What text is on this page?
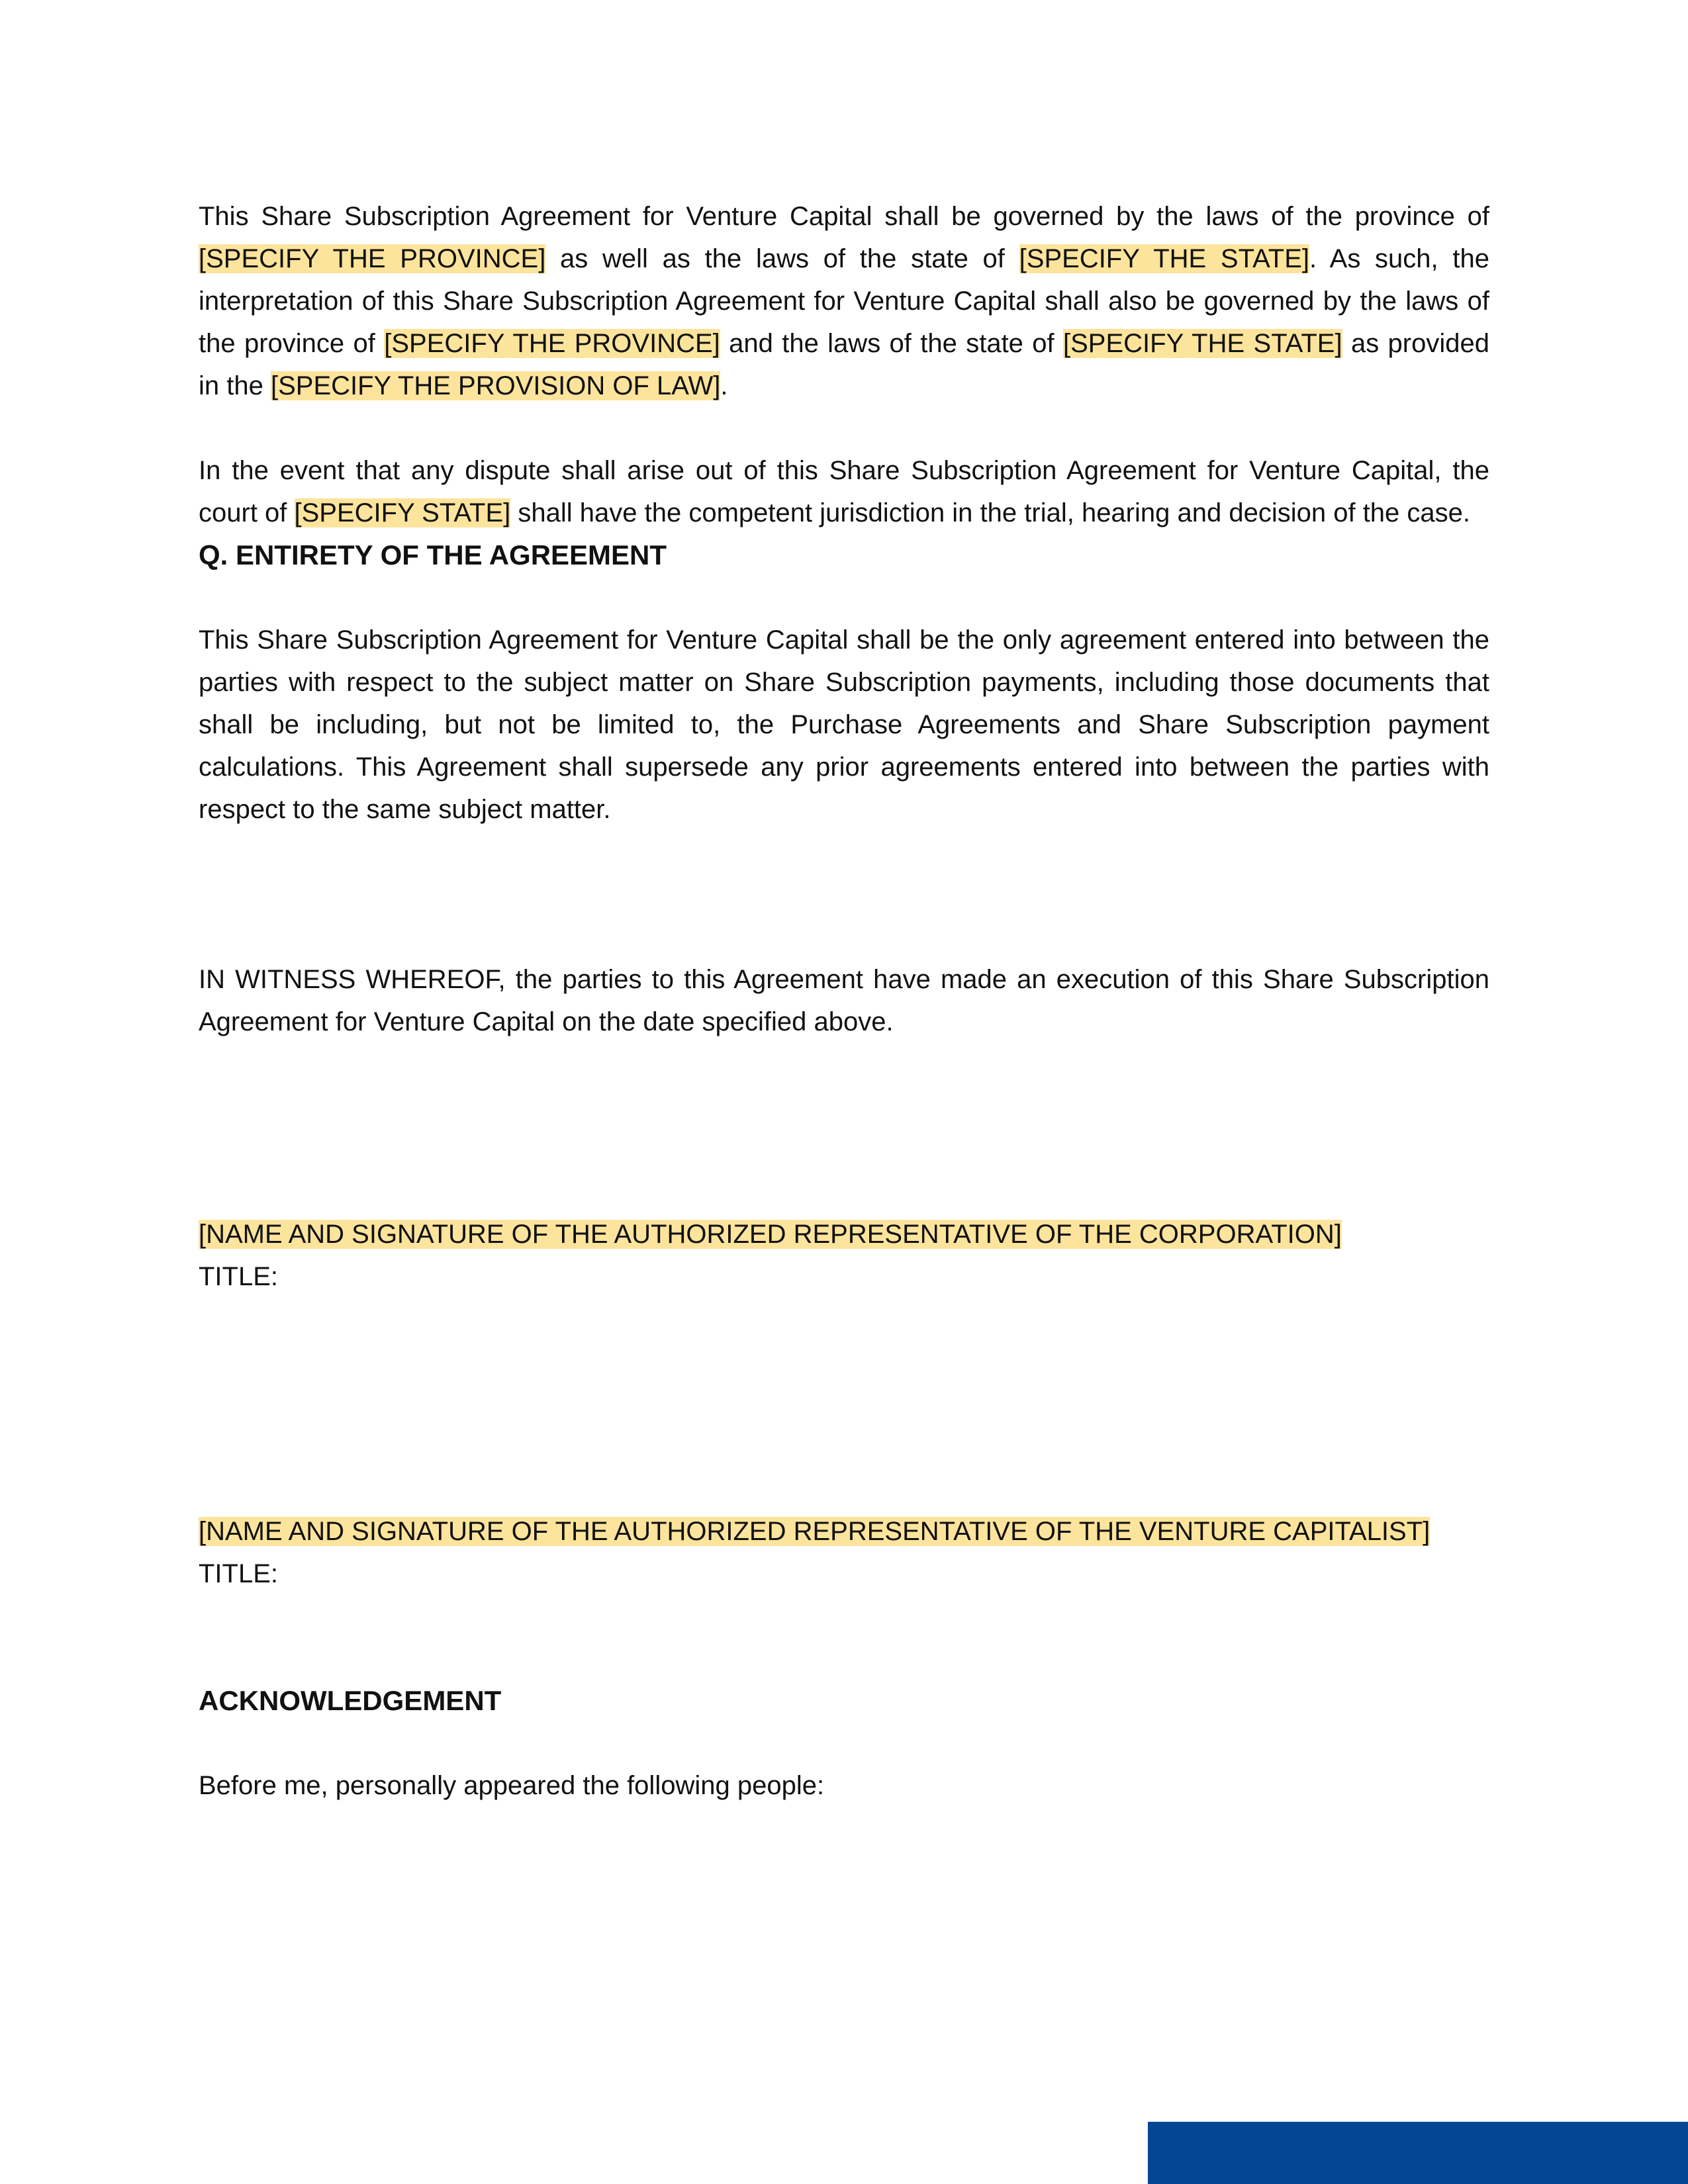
This Share Subscription Agreement for Venture Capital shall be governed by the laws of the province of [SPECIFY THE PROVINCE] as well as the laws of the state of [SPECIFY THE STATE]. As such, the interpretation of this Share Subscription Agreement for Venture Capital shall also be governed by the laws of the province of [SPECIFY THE PROVINCE] and the laws of the state of [SPECIFY THE STATE] as provided in the [SPECIFY THE PROVISION OF LAW].

In the event that any dispute shall arise out of this Share Subscription Agreement for Venture Capital, the court of [SPECIFY STATE] shall have the competent jurisdiction in the trial, hearing and decision of the case.

Q. ENTIRETY OF THE AGREEMENT

This Share Subscription Agreement for Venture Capital shall be the only agreement entered into between the parties with respect to the subject matter on Share Subscription payments, including those documents that shall be including, but not be limited to, the Purchase Agreements and Share Subscription payment calculations. This Agreement shall supersede any prior agreements entered into between the parties with respect to the same subject matter.

IN WITNESS WHEREOF, the parties to this Agreement have made an execution of this Share Subscription Agreement for Venture Capital on the date specified above.

[NAME AND SIGNATURE OF THE AUTHORIZED REPRESENTATIVE OF THE CORPORATION]
TITLE:
[NAME AND SIGNATURE OF THE AUTHORIZED REPRESENTATIVE OF THE VENTURE CAPITALIST]
TITLE:
ACKNOWLEDGEMENT

Before me, personally appeared the following people:
